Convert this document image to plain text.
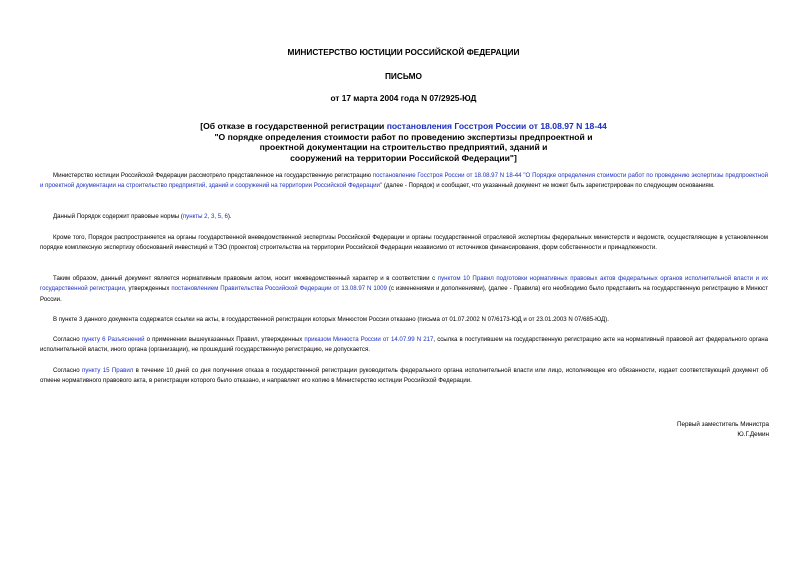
МИНИСТЕРСТВО ЮСТИЦИИ РОССИЙСКОЙ ФЕДЕРАЦИИ
ПИСЬМО
от 17 марта 2004 года N 07/2925-ЮД
[Об отказе в государственной регистрации постановления Госстроя России от 18.08.97 N 18-44
"О порядке определения стоимости работ по проведению экспертизы предпроектной и
проектной документации на строительство предприятий, зданий и
сооружений на территории Российской Федерации"]
Министерство юстиции Российской Федерации рассмотрело представленное на государственную регистрацию постановление Госстроя России от 18.08.97 N 18-44 "О Порядке определения стоимости работ по проведению экспертизы предпроектной и проектной документации на строительство предприятий, зданий и сооружений на территории Российской Федерации" (далее - Порядок) и сообщает, что указанный документ не может быть зарегистрирован по следующим основаниям.
Данный Порядок содержит правовые нормы (пункты 2, 3, 5, 6).
Кроме того, Порядок распространяется на органы государственной вневедомственной экспертизы Российской Федерации и органы государственной отраслевой экспертизы федеральных министерств и ведомств, осуществляющие в установленном порядке комплексную экспертизу обоснований инвестиций и ТЭО (проектов) строительства на территории Российской Федерации независимо от источников финансирования, форм собственности и принадлежности.
Таким образом, данный документ является нормативным правовым актом, носит межведомственный характер и в соответствии с пунктом 10 Правил подготовки нормативных правовых актов федеральных органов исполнительной власти и их государственной регистрации, утвержденных постановлением Правительства Российской Федерации от 13.08.97 N 1009 (с изменениями и дополнениями), (далее - Правила) его необходимо было представить на государственную регистрацию в Минюст России.
В пункте 3 данного документа содержатся ссылки на акты, в государственной регистрации которых Минюстом России отказано (письма от 01.07.2002 N 07/6173-ЮД и от 23.01.2003 N 07/685-ЮД).
Согласно пункту 6 Разъяснений о применении вышеуказанных Правил, утвержденных приказом Минюста России от 14.07.99 N 217, ссылка в поступившем на государственную регистрацию акте на нормативный правовой акт федерального органа исполнительной власти, иного органа (организации), не прошедший государственную регистрацию, не допускается.
Согласно пункту 15 Правил в течение 10 дней со дня получения отказа в государственной регистрации руководитель федерального органа исполнительной власти или лицо, исполняющее его обязанности, издает соответствующий документ об отмене нормативного правового акта, в регистрации которого было отказано, и направляет его копию в Министерство юстиции Российской Федерации.
Первый заместитель Министра
Ю.Г.Демин
